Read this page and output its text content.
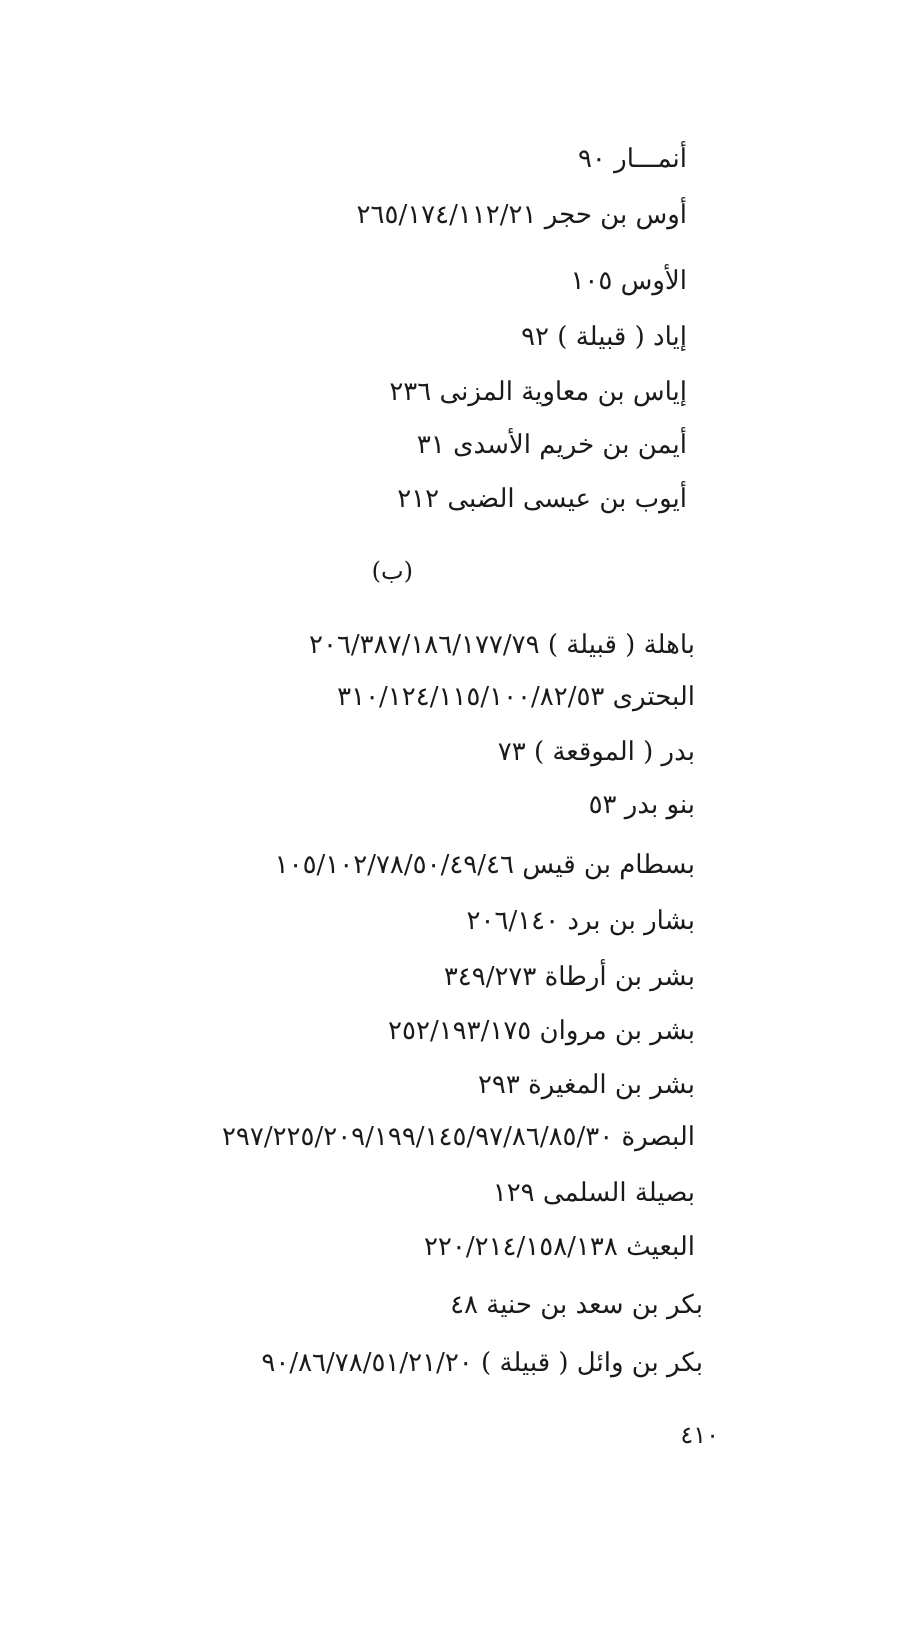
أنمـــار ٩٠
أوس بن حجر ٢٦٥/١٧٤/١١٢/٢١
الأوس ١٠٥
إياد ( قبيلة ) ٩٢
إياس بن معاوية المزنى ٢٣٦
أيمن بن خريم الأسدى ٣١
أيوب بن عيسى الضبى ٢١٢
(ب)
باهلة ( قبيلة ) ٢٠٦/٣٨٧/١٨٦/١٧٧/٧٩
البحترى ٣١٠/١٢٤/١١٥/١٠٠/٨٢/٥٣
بدر ( الموقعة ) ٧٣
بنو بدر ٥٣
بسطام بن قيس ١٠٥/١٠٢/٧٨/٥٠/٤٩/٤٦
بشار بن برد ٢٠٦/١٤٠
بشر بن أرطاة ٣٤٩/٢٧٣
بشر بن مروان ٢٥٢/١٩٣/١٧٥
بشر بن المغيرة ٢٩٣
البصرة ٢٩٧/٢٢٥/٢٠٩/١٩٩/١٤٥/٩٧/٨٦/٨٥/٣٠
بصيلة السلمى ١٢٩
البعيث ٢٢٠/٢١٤/١٥٨/١٣٨
بكر بن سعد بن حنية ٤٨
بكر بن وائل ( قبيلة ) ٩٠/٨٦/٧٨/٥١/٢١/٢٠
٤١٠
